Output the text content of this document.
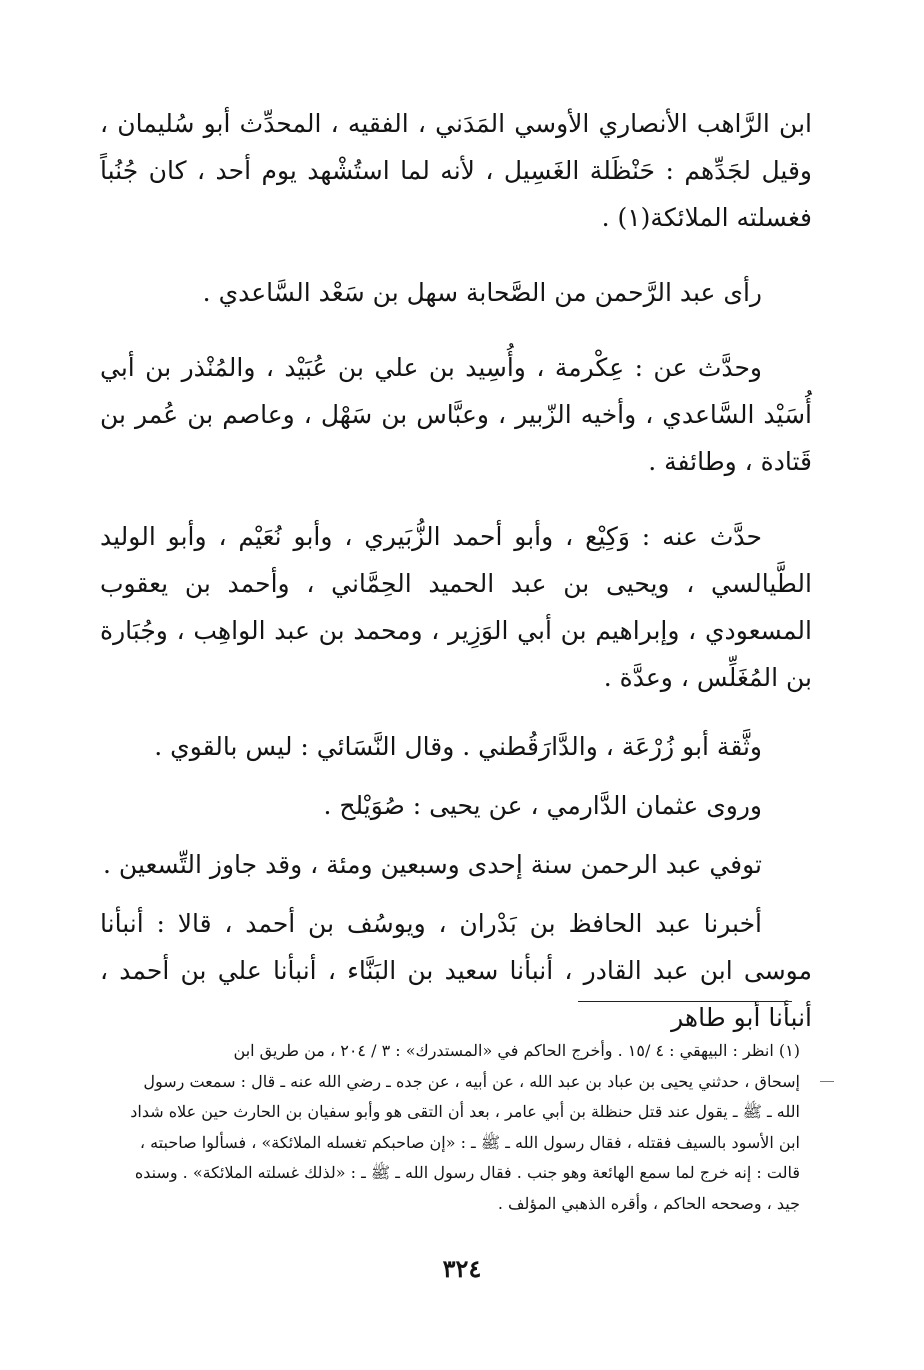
ابن الرَّاهب الأنصاري الأوسي المَدَني ، الفقيه ، المحدِّث أبو سُليمان ، وقيل لجَدِّهم : حَنْظَلة الغَسِيل ، لأنه لما استُشْهد يوم أحد ، كان جُنُباً فغسلته الملائكة(١) .

رأى عبد الرَّحمن من الصَّحابة سهل بن سَعْد السَّاعدي .

وحدَّث عن : عِكْرمة ، وأُسِيد بن علي بن عُبَيْد ، والمُنْذر بن أبي أُسَيْد السَّاعدي ، وأخيه الزّبير ، وعبَّاس بن سَهْل ، وعاصم بن عُمر بن قَتادة ، وطائفة .

حدَّث عنه : وَكِيْع ، وأبو أحمد الزُّبَيري ، وأبو نُعَيْم ، وأبو الوليد الطَّيالسي ، ويحيى بن عبد الحميد الحِمَّاني ، وأحمد بن يعقوب المسعودي ، وإبراهيم بن أبي الوَزِير ، ومحمد بن عبد الواهِب ، وجُبَارة بن المُغَلِّس ، وعدَّة .

وثَّقة أبو زُرْعَة ، والدَّارَقُطني . وقال النَّسَائي : ليس بالقوي .

وروى عثمان الدَّارمي ، عن يحيى : صُوَيْلح .

توفي عبد الرحمن سنة إحدى وسبعين ومئة ، وقد جاوز التِّسعين .

أخبرنا عبد الحافظ بن بَدْران ، ويوسُف بن أحمد ، قالا : أنبأنا موسى ابن عبد القادر ، أنبأنا سعيد بن البَنَّاء ، أنبأنا علي بن أحمد ، أنبأنا أبو طاهر

(١) انظر : البيهقي : ٤ /١٥ . وأخرج الحاكم في «المستدرك» : ٣ / ٢٠٤ ، من طريق ابن

إسحاق ، حدثني يحيى بن عباد بن عبد الله ، عن أبيه ، عن جده ـ رضي الله عنه ـ قال : سمعت رسول

الله ـ ﷺ ـ يقول عند قتل حنظلة بن أبي عامر ، بعد أن التقى هو وأبو سفيان بن الحارث حين علاه شداد

ابن الأسود بالسيف فقتله ، فقال رسول الله ـ ﷺ ـ : «إن صاحبكم تغسله الملائكة» ، فسألوا صاحبته ،

قالت : إنه خرج لما سمع الهائعة وهو جنب . فقال رسول الله ـ ﷺ ـ : «لذلك غسلته الملائكة» . وسنده

جيد ، وصححه الحاكم ، وأقره الذهبي المؤلف .

٣٢٤
